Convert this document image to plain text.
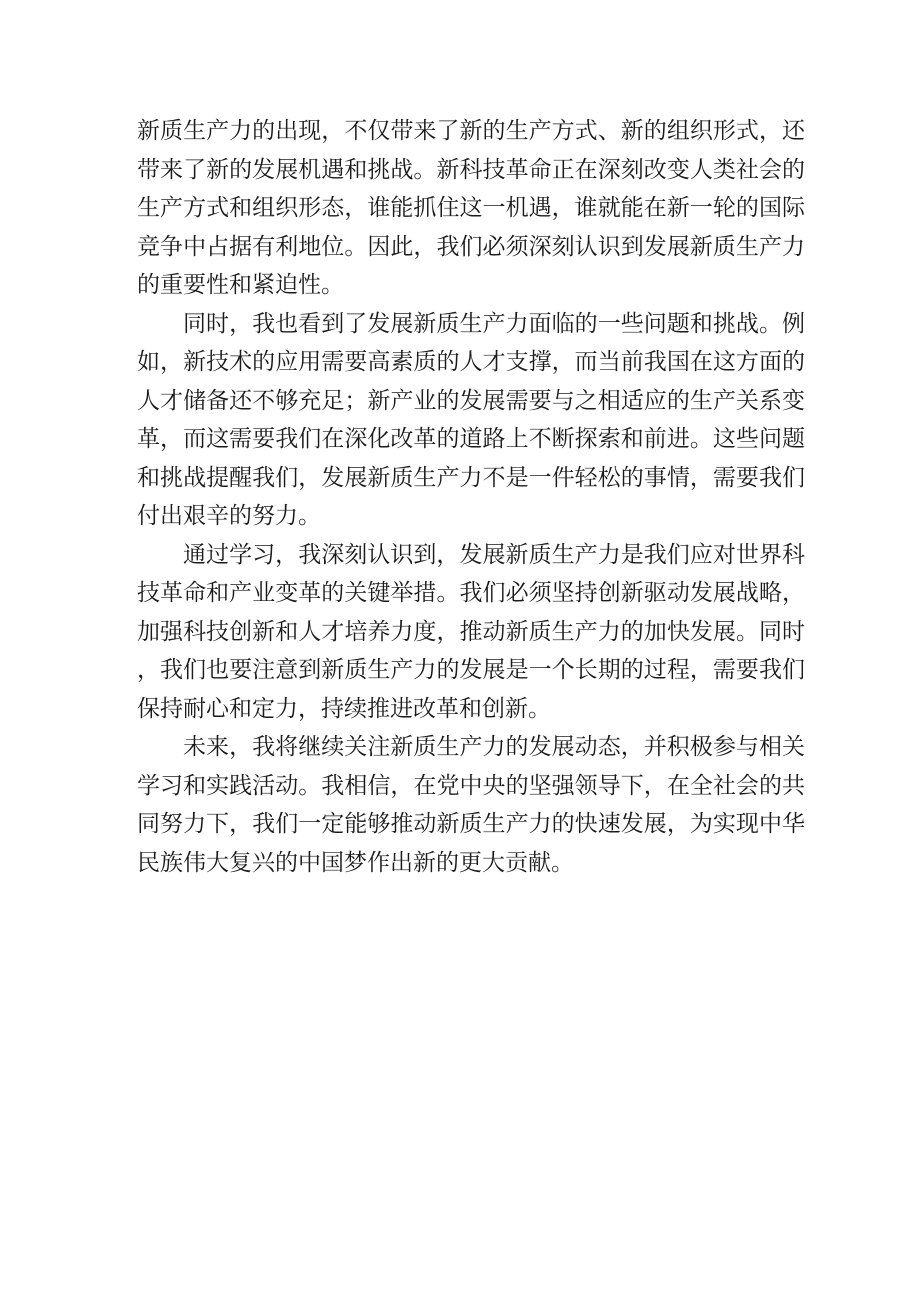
新质生产力的出现，不仅带来了新的生产方式、新的组织形式，还带来了新的发展机遇和挑战。新科技革命正在深刻改变人类社会的生产方式和组织形态，谁能抓住这一机遇，谁就能在新一轮的国际竞争中占据有利地位。因此，我们必须深刻认识到发展新质生产力的重要性和紧迫性。

同时，我也看到了发展新质生产力面临的一些问题和挑战。例如，新技术的应用需要高素质的人才支撑，而当前我国在这方面的人才储备还不够充足；新产业的发展需要与之相适应的生产关系变革，而这需要我们在深化改革的道路上不断探索和前进。这些问题和挑战提醒我们，发展新质生产力不是一件轻松的事情，需要我们付出艰辛的努力。

通过学习，我深刻认识到，发展新质生产力是我们应对世界科技革命和产业变革的关键举措。我们必须坚持创新驱动发展战略，加强科技创新和人才培养力度，推动新质生产力的加快发展。同时，我们也要注意到新质生产力的发展是一个长期的过程，需要我们保持耐心和定力，持续推进改革和创新。

未来，我将继续关注新质生产力的发展动态，并积极参与相关学习和实践活动。我相信，在党中央的坚强领导下，在全社会的共同努力下，我们一定能够推动新质生产力的快速发展，为实现中华民族伟大复兴的中国梦作出新的更大贡献。
